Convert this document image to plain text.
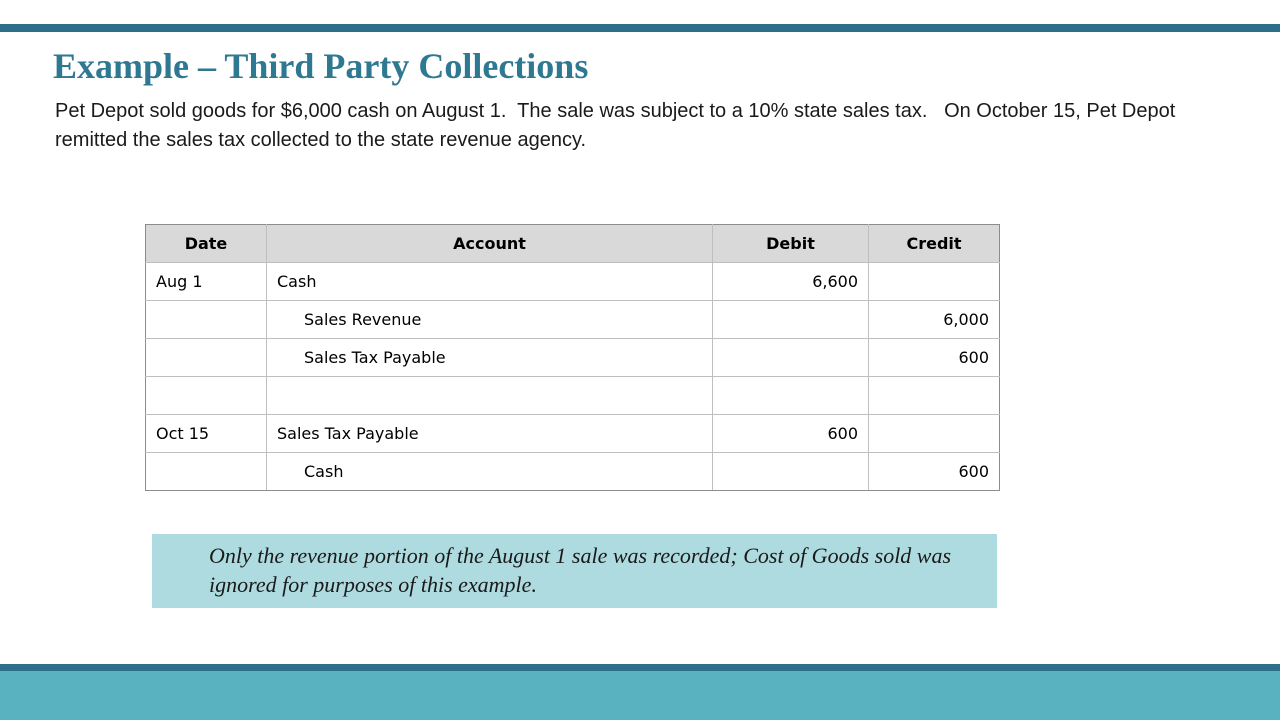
Example – Third Party Collections

Pet Depot sold goods for $6,000 cash on August 1.  The sale was subject to a 10% state sales tax.   On October 15, Pet Depot remitted the sales tax collected to the state revenue agency.

Date	Account	Debit	Credit
Aug 1	Cash	6,600	
	Sales Revenue		6,000
	Sales Tax Payable		600

Oct 15	Sales Tax Payable	600	
	Cash		600

Only the revenue portion of the August 1 sale was recorded; Cost of Goods sold was ignored for purposes of this example.
